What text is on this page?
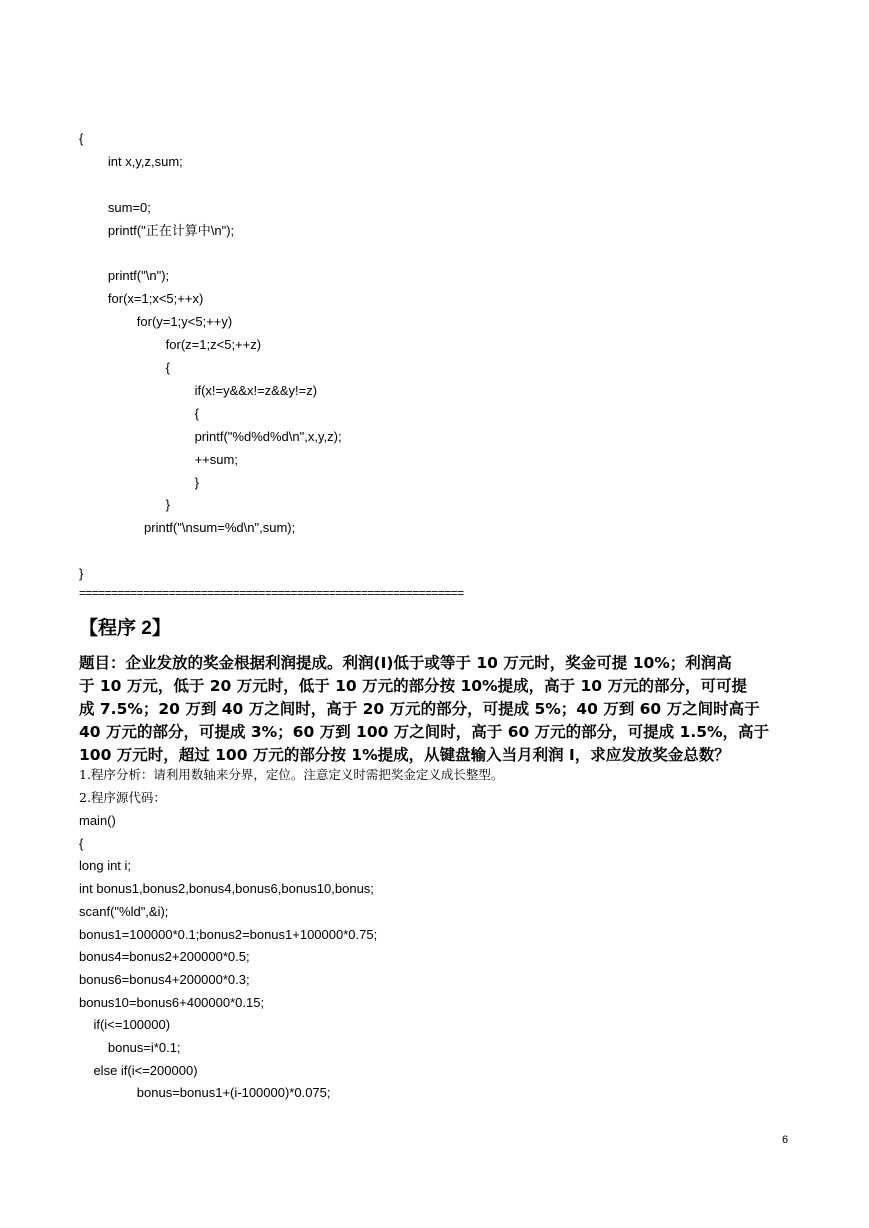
{
int x,y,z,sum;
sum=0;
printf("正在计算中\n");
printf("\n");
for(x=1;x<5;++x)
for(y=1;y<5;++y)
for(z=1;z<5;++z)
{
if(x!=y&&x!=z&&y!=z)
{
printf("%d%d%d\n",x,y,z);
++sum;
}
}
printf("\nsum=%d\n",sum);
}
============================================================
【程序 2】
题目：企业发放的奖金根据利润提成。利润(I)低于或等于 10 万元时，奖金可提 10%；利润高
于 10 万元，低于 20 万元时，低于 10 万元的部分按 10%提成，高于 10 万元的部分，可可提
成 7.5%；20 万到 40 万之间时，高于 20 万元的部分，可提成 5%；40 万到 60 万之间时高于
40 万元的部分，可提成 3%；60 万到 100 万之间时，高于 60 万元的部分，可提成 1.5%，高于
100 万元时，超过 100 万元的部分按 1%提成，从键盘输入当月利润 I，求应发放奖金总数？
1.程序分析：请利用数轴来分界，定位。注意定义时需把奖金定义成长整型。
2.程序源代码：
main()
{
long int i;
int bonus1,bonus2,bonus4,bonus6,bonus10,bonus;
scanf("%ld",&i);
bonus1=100000*0.1;bonus2=bonus1+100000*0.75;
bonus4=bonus2+200000*0.5;
bonus6=bonus4+200000*0.3;
bonus10=bonus6+400000*0.15;
if(i<=100000)
bonus=i*0.1;
else if(i<=200000)
bonus=bonus1+(i-100000)*0.075;
6
